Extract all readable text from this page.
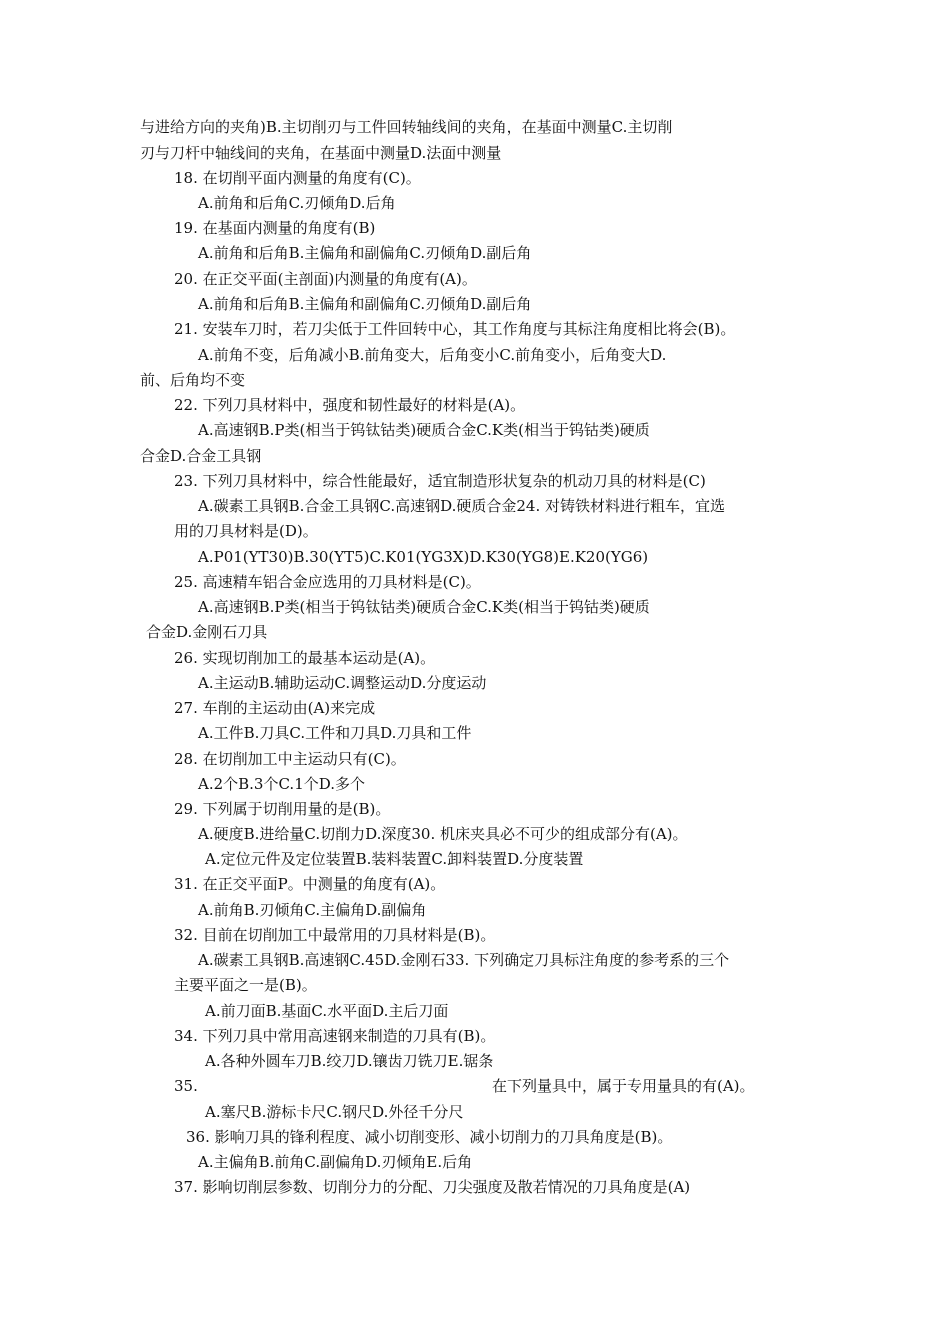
与进给方向的夹角)B.主切削刃与工件回转轴线间的夹角，在基面中测量C.主切削
刃与刀杆中轴线间的夹角，在基面中测量D.法面中测量
18. 在切削平面内测量的角度有(C)。
A.前角和后角C.刃倾角D.后角
19. 在基面内测量的角度有(B)
A.前角和后角B.主偏角和副偏角C.刃倾角D.副后角
20. 在正交平面(主剖面)内测量的角度有(A)。
A.前角和后角B.主偏角和副偏角C.刃倾角D.副后角
21. 安装车刀时，若刀尖低于工件回转中心，其工作角度与其标注角度相比将会(B)。
A.前角不变，后角减小B.前角变大，后角变小C.前角变小，后角变大D.
前、后角均不变
22. 下列刀具材料中，强度和韧性最好的材料是(A)。
A.高速钢B.P类(相当于钨钛钴类)硬质合金C.K类(相当于钨钴类)硬质
合金D.合金工具钢
23. 下列刀具材料中，综合性能最好，适宜制造形状复杂的机动刀具的材料是(C)
A.碳素工具钢B.合金工具钢C.高速钢D.硬质合金24. 对铸铁材料进行粗车，宜选
用的刀具材料是(D)。
A.P01(YT30)B.30(YT5)C.K01(YG3X)D.K30(YG8)E.K20(YG6)
25. 高速精车铝合金应选用的刀具材料是(C)。
A.高速钢B.P类(相当于钨钛钴类)硬质合金C.K类(相当于钨钴类)硬质
合金D.金刚石刀具
26. 实现切削加工的最基本运动是(A)。
A.主运动B.辅助运动C.调整运动D.分度运动
27. 车削的主运动由(A)来完成
A.工件B.刀具C.工件和刀具D.刀具和工件
28. 在切削加工中主运动只有(C)。
A.2个B.3个C.1个D.多个
29. 下列属于切削用量的是(B)。
A.硬度B.进给量C.切削力D.深度30. 机床夹具必不可少的组成部分有(A)。
A.定位元件及定位装置B.装料装置C.卸料装置D.分度装置
31. 在正交平面P。中测量的角度有(A)。
A.前角B.刃倾角C.主偏角D.副偏角
32. 目前在切削加工中最常用的刀具材料是(B)。
A.碳素工具钢B.高速钢C.45D.金刚石33. 下列确定刀具标注角度的参考系的三个
主要平面之一是(B)。
A.前刀面B.基面C.水平面D.主后刀面
34. 下列刀具中常用高速钢来制造的刀具有(B)。
A.各种外圆车刀B.绞刀D.镶齿刀铣刀E.锯条
35.	在下列量具中，属于专用量具的有(A)。
A.塞尺B.游标卡尺C.钢尺D.外径千分尺
36. 影响刀具的锋利程度、减小切削变形、减小切削力的刀具角度是(B)。
A.主偏角B.前角C.副偏角D.刃倾角E.后角
37. 影响切削层参数、切削分力的分配、刀尖强度及散若情况的刀具角度是(A)
